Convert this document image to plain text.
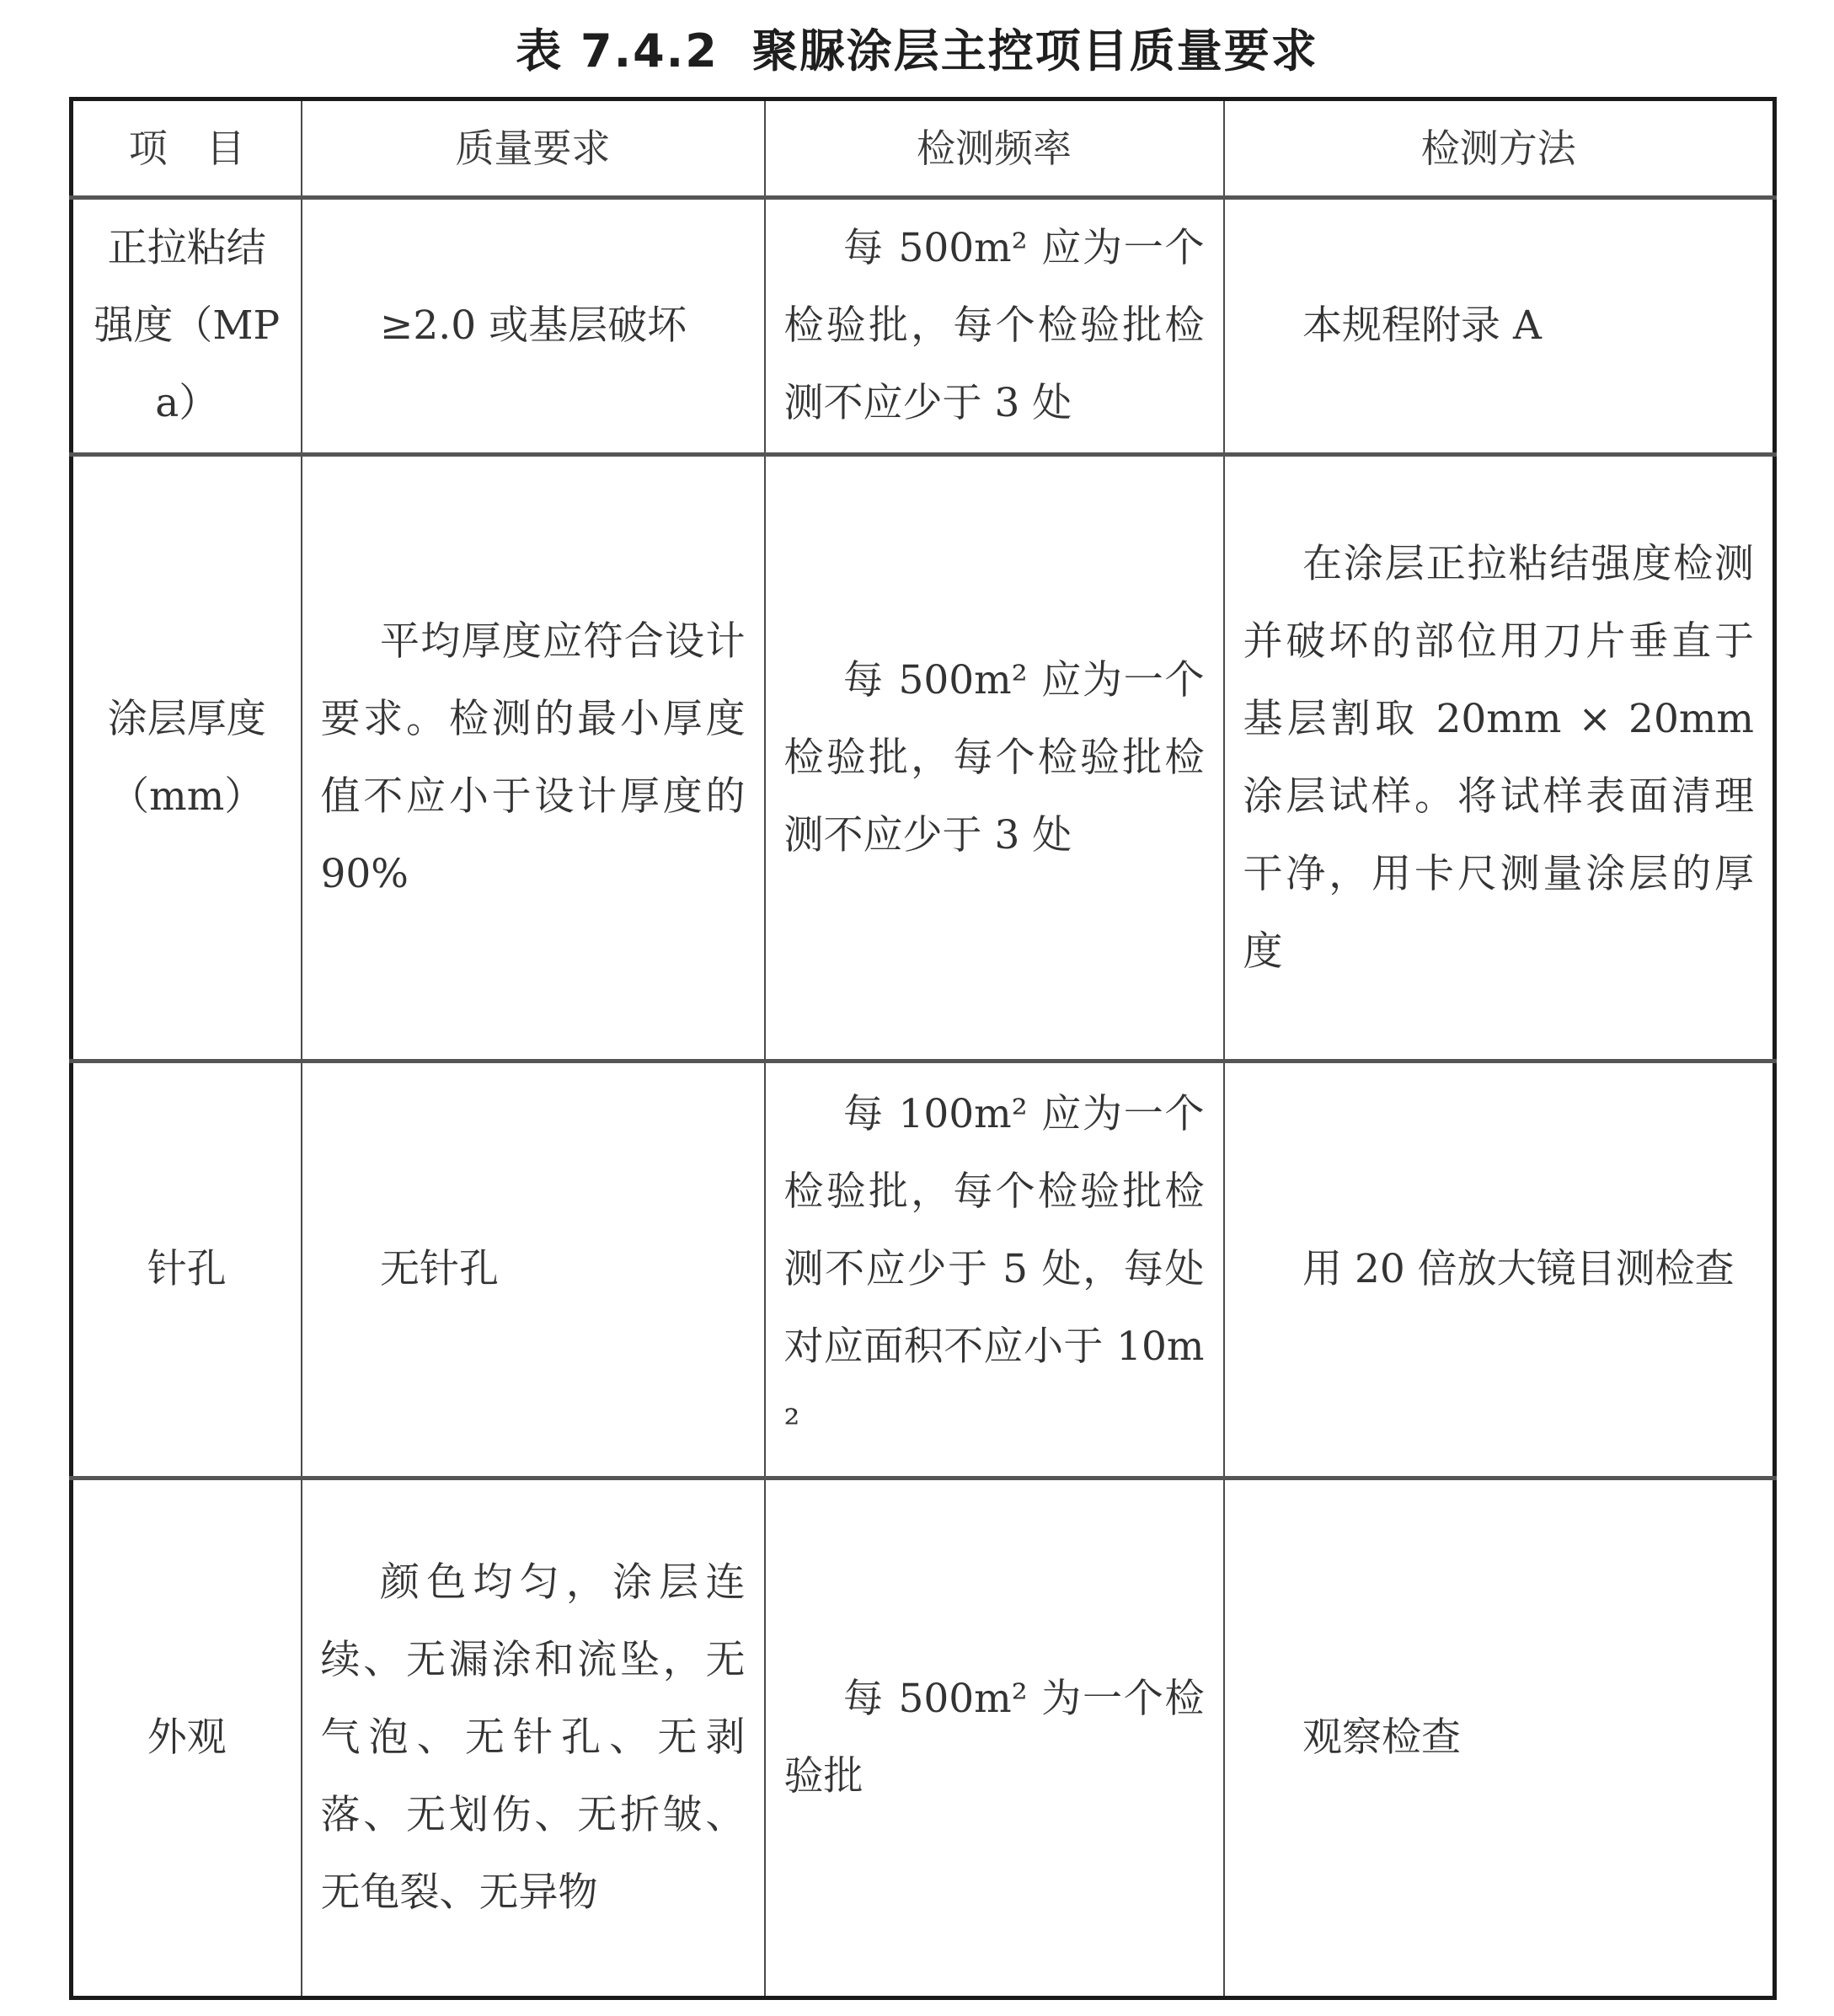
表 7.4.2 聚脲涂层主控项目质量要求
项　目	质量要求	检测频率	检测方法
正拉粘结强度（MPa）	≥2.0 或基层破坏	每 500m² 应为一个检验批，每个检验批检测不应少于 3 处	本规程附录 A

涂层厚度（mm）	平均厚度应符合设计要求。检测的最小厚度值不应小于设计厚度的 90%	每 500m² 应为一个检验批，每个检验批检测不应少于 3 处	在涂层正拉粘结强度检测并破坏的部位用刀片垂直于基层割取 20mm × 20mm 涂层试样。将试样表面清理干净，用卡尺测量涂层的厚度

针孔	无针孔	每 100m² 应为一个检验批，每个检验批检测不应少于 5 处，每处对应面积不应小于 10m²	用 20 倍放大镜目测检查

外观	颜色均匀，涂层连续、无漏涂和流坠，无气泡、无针孔、无剥落、无划伤、无折皱、无龟裂、无异物	每 500m² 为一个检验批	观察检查
